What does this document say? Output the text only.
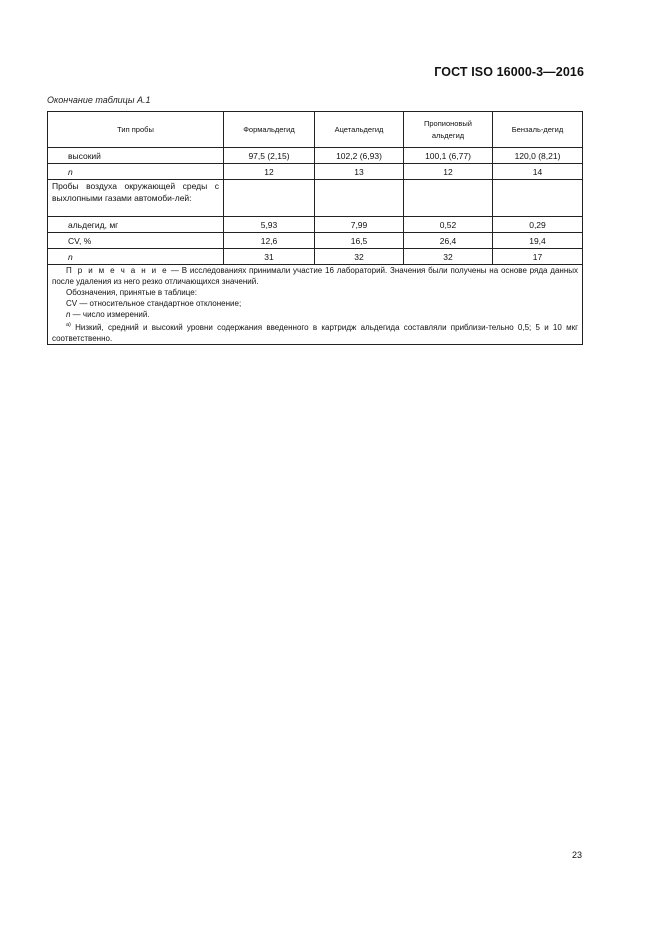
ГОСТ ISO 16000-3—2016
Окончание таблицы А.1
Тип пробы	Формальдегид	Ацетальдегид	Пропионовый альдегид	Бензаль-дегид
высокий	97,5 (2,15)	102,2 (6,93)	100,1 (6,77)	120,0 (8,21)
n	12	13	12	14
Пробы воздуха окружающей среды с выхлопными газами автомоби-лей:				
альдегид, мг	5,93	7,99	0,52	0,29
CV, %	12,6	16,5	26,4	19,4
n	31	32	32	17

П р и м е ч а н и е — В исследованиях принимали участие 16 лабораторий. Значения были получены на основе ряда данных после удаления из него резко отличающихся значений.

Обозначения, принятые в таблице:

CV — относительное стандартное отклонение;

n — число измерений.

$^{a)}$ Низкий, средний и высокий уровни содержания введенного в картридж альдегида составляли приблизи-тельно 0,5; 5 и 10 мкг соответственно.				

23
